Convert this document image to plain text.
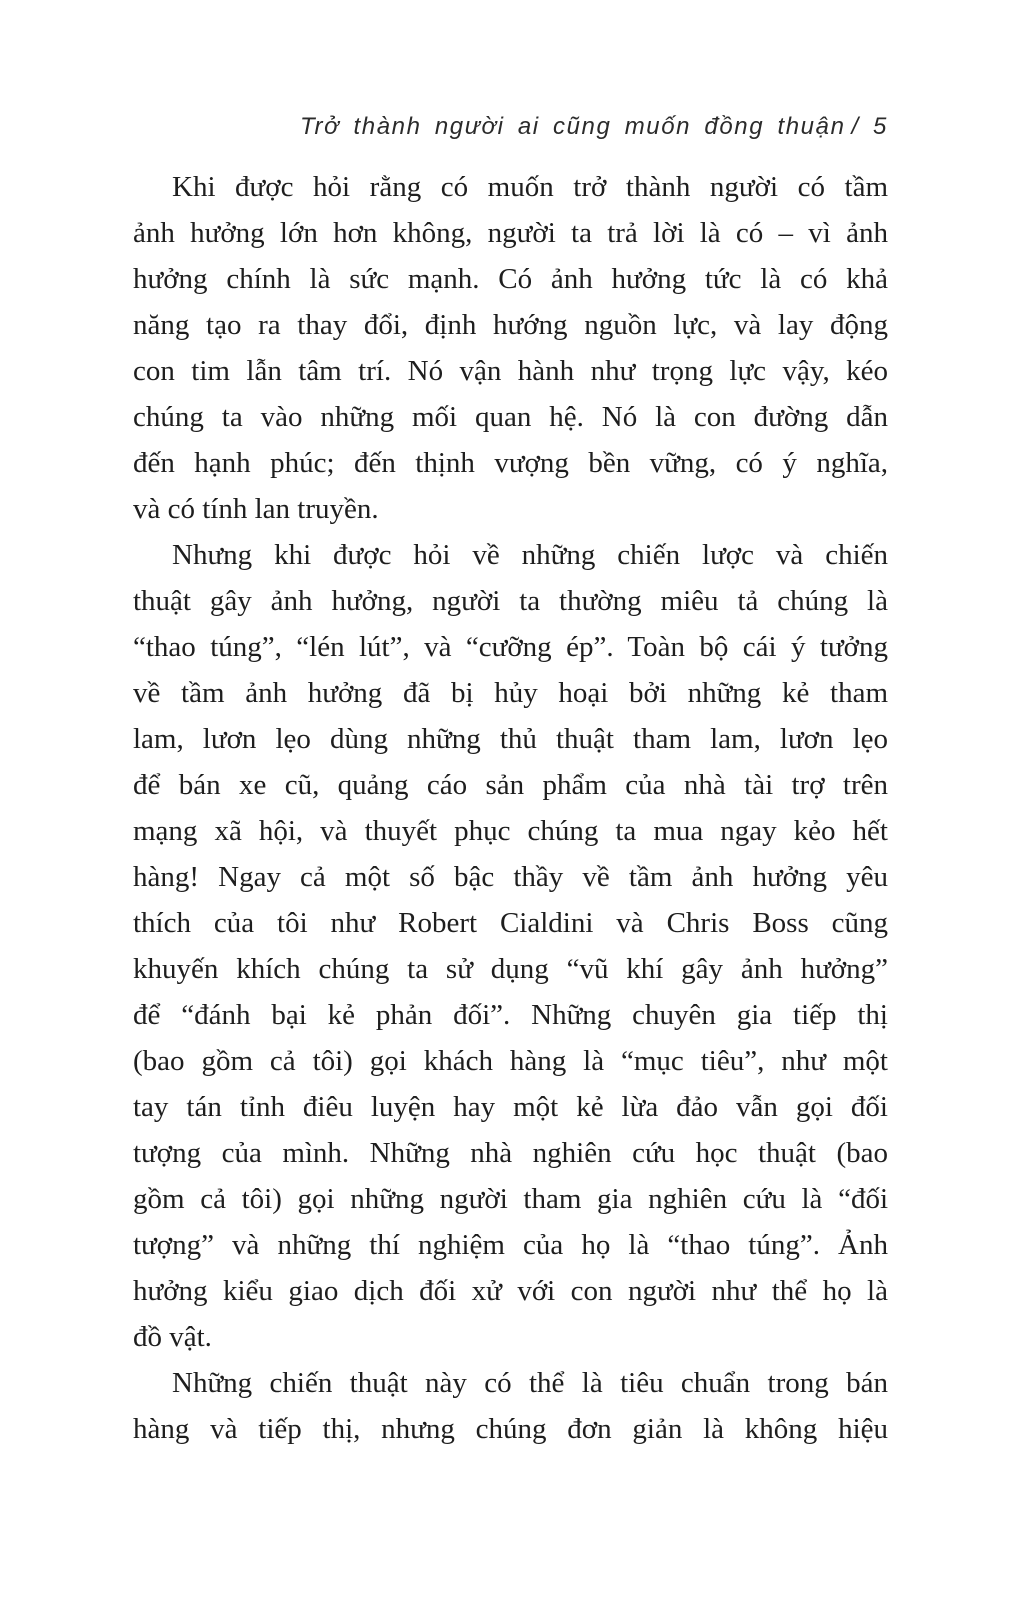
Trở thành người ai cũng muốn đồng thuận / 5

Khi được hỏi rằng có muốn trở thành người có tầm
ảnh hưởng lớn hơn không, người ta trả lời là có – vì ảnh
hưởng chính là sức mạnh. Có ảnh hưởng tức là có khả
năng tạo ra thay đổi, định hướng nguồn lực, và lay động
con tim lẫn tâm trí. Nó vận hành như trọng lực vậy, kéo
chúng ta vào những mối quan hệ. Nó là con đường dẫn
đến hạnh phúc; đến thịnh vượng bền vững, có ý nghĩa,
và có tính lan truyền.
Nhưng khi được hỏi về những chiến lược và chiến
thuật gây ảnh hưởng, người ta thường miêu tả chúng là
“thao túng”, “lén lút”, và “cưỡng ép”. Toàn bộ cái ý tưởng
về tầm ảnh hưởng đã bị hủy hoại bởi những kẻ tham
lam, lươn lẹo dùng những thủ thuật tham lam, lươn lẹo
để bán xe cũ, quảng cáo sản phẩm của nhà tài trợ trên
mạng xã hội, và thuyết phục chúng ta mua ngay kẻo hết
hàng! Ngay cả một số bậc thầy về tầm ảnh hưởng yêu
thích của tôi như Robert Cialdini và Chris Boss cũng
khuyến khích chúng ta sử dụng “vũ khí gây ảnh hưởng”
để “đánh bại kẻ phản đối”. Những chuyên gia tiếp thị
(bao gồm cả tôi) gọi khách hàng là “mục tiêu”, như một
tay tán tỉnh điêu luyện hay một kẻ lừa đảo vẫn gọi đối
tượng của mình. Những nhà nghiên cứu học thuật (bao
gồm cả tôi) gọi những người tham gia nghiên cứu là “đối
tượng” và những thí nghiệm của họ là “thao túng”. Ảnh
hưởng kiểu giao dịch đối xử với con người như thể họ là
đồ vật.
Những chiến thuật này có thể là tiêu chuẩn trong bán
hàng và tiếp thị, nhưng chúng đơn giản là không hiệu
